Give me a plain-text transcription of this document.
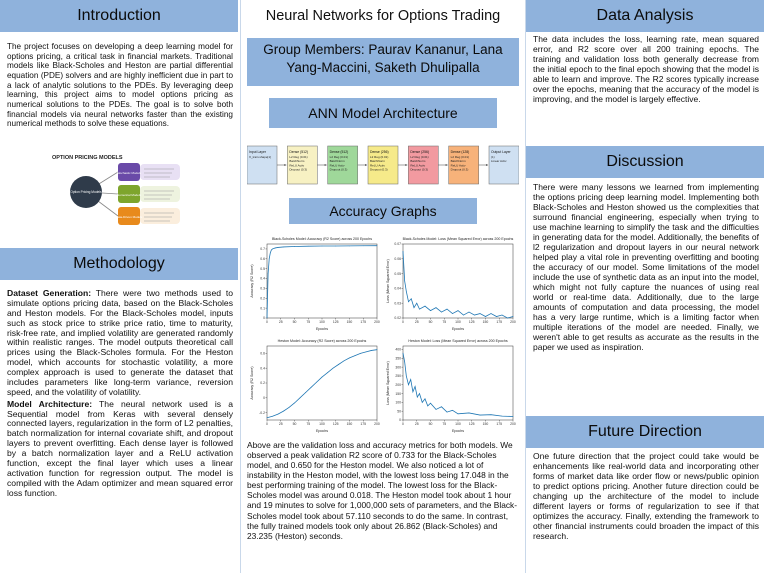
Introduction
The project focuses on developing a deep learning model for options pricing, a critical task in financial markets. Traditional models like Black-Scholes and Heston are partial differential equation (PDE) solvers and are highly inefficient due in part to a lack of analytic solutions to the PDEs. By leveraging deep learning, this project aims to model options pricing as numerical solutions to the PDEs. The goal is to solve both financial models via neural networks faster than the existing numerical methods to solve these equations.
OPTION PRICING MODELS
Option Pricing Models
Stochastic Models
Numerical Models
Data-Driven Models
Methodology

Dataset Generation: There were two methods used to simulate options pricing data, based on the Black-Scholes and Heston models. For the Black-Scholes model, inputs such as stock price to strike price ratio, time to maturity, risk-free rate, and implied volatility are generated randomly within realistic ranges. The model outputs theoretical call prices using the Black-Scholes formula. For the Heston model, which accounts for stochastic volatility, a more complex approach is used to generate the dataset that includes parameters like long-term variance, reversion speed, and the volatility of volatility.

Model Architecture: The neural network used is a Sequential model from Keras with several densely connected layers, regularization in the form of L2 penalties, batch normalization for internal covariate shift, and dropout layers to prevent overfitting. Each dense layer is followed by a batch normalization layer and a ReLU activation function, except the final layer which uses a linear activation function for regression output. The model is compiled with the Adam optimizer and mean squared error loss function.

Neural Networks for Options Trading
Group Members: Paurav Kananur, Lana Yang-Maccini, Saketh Dhulipalla
ANN Model Architecture
Input Layer
X_train.shape[1]
Dense (512)
L2 Reg (0.01)
BatchNorm
ReLU Activ
Dropout (0.3)
Dense (512)
L2 Reg (0.01)
BatchNorm
ReLU Activ
Dropout (0.3)
Dense (256)
L2 Reg (0.01)
BatchNorm
ReLU Activ
Dropout (0.3)
Dense (256)
L2 Reg (0.01)
BatchNorm
ReLU Activ
Dropout (0.3)
Dense (128)
L2 Reg (0.01)
BatchNorm
ReLU Activ
Dropout (0.3)
Output Layer
(1)
Linear Activ
Accuracy Graphs
Black-Scholes Model: Accuracy (R2 Score) across 200 Epochs
0	25	50	75	100 125 150 175 200
0
0.1
0.2
0.3
0.4
0.5
0.6
0.7
Epochs
Accuracy (R2 Score)
Black-Scholes Model: Loss (Mean Squared Error) across 200 Epochs
0	25	50	75	100 125 150 175 200
0.02
0.03
0.04
0.05
0.06
0.07
Epochs
Loss (Mean Squared Error)
Heston Model: Accuracy (R2 Score) across 200 Epochs
0	25	50	75	100 125 150 175 200
-0.2
0
0.2
0.4
0.6
Epochs
Accuracy (R2 Score)
Heston Model: Loss (Mean Squared Error) across 200 Epochs
0	25	50	75	100 125 150 175 200
0
50
100
150
200
250
300
350
400
Epochs
Loss (Mean Squared Error)
Above are the validation loss and accuracy metrics for both models. We observed a peak validation R2 score of 0.733 for the Black-Scholes model, and 0.650 for the Heston model. We also noticed a lot of instability in the Heston model, with the lowest loss being 17.048 in the best performing training of the model. The lowest loss for the Black-Scholes model was around 0.018. The Heston model took about 1 hour and 19 minutes to solve for 1,000,000 sets of parameters, and the Black-Scholes model took about 57.110 seconds to do the same. In contrast, the fully trained models took only about 26.862 (Black-Scholes) and 23.235 (Heston) seconds.
Data Analysis
The data includes the loss, learning rate, mean squared error, and R2 score over all 200 training epochs. The training and validation loss both generally decrease from the initial epoch to the final epoch showing that the model is able to learn and improve. The R2 scores typically increase over the epochs, meaning that the accuracy of the model is improving, and the model is largely effective.
Discussion
There were many lessons we learned from implementing the options pricing deep learning model. Implementing both Black-Scholes and Heston showed us the complexities that surround financial engineering, especially when trying to use machine learning to simplify the task and the difficulties in generating data for the model. Additionally, the benefits of l2 regularization and dropout layers in our neural network helped play a vital role in preventing overfitting and booting the accuracy of our model. Some limitations of the model include the use of synthetic data as an input into the model, which might not fully capture the nuances of using real world or real-time data. Additionally, due to the large amounts of computation and data processing, the model has a very large runtime, which is a limiting factor when multiple iterations of the model are needed. Finally, we weren't able to get results as accurate as the results in the paper we used as inspiration.
Future Direction
One future direction that the project could take would be enhancements like real-world data and incorporating other forms of market data like order flow or news/public opinion to predict options pricing. Another future direction could be changing up the architecture of the model to include different layers or forms of regularization to see if that optimizes the accuracy. Finally, extending the framework to other financial instruments could broaden the impact of this research.
